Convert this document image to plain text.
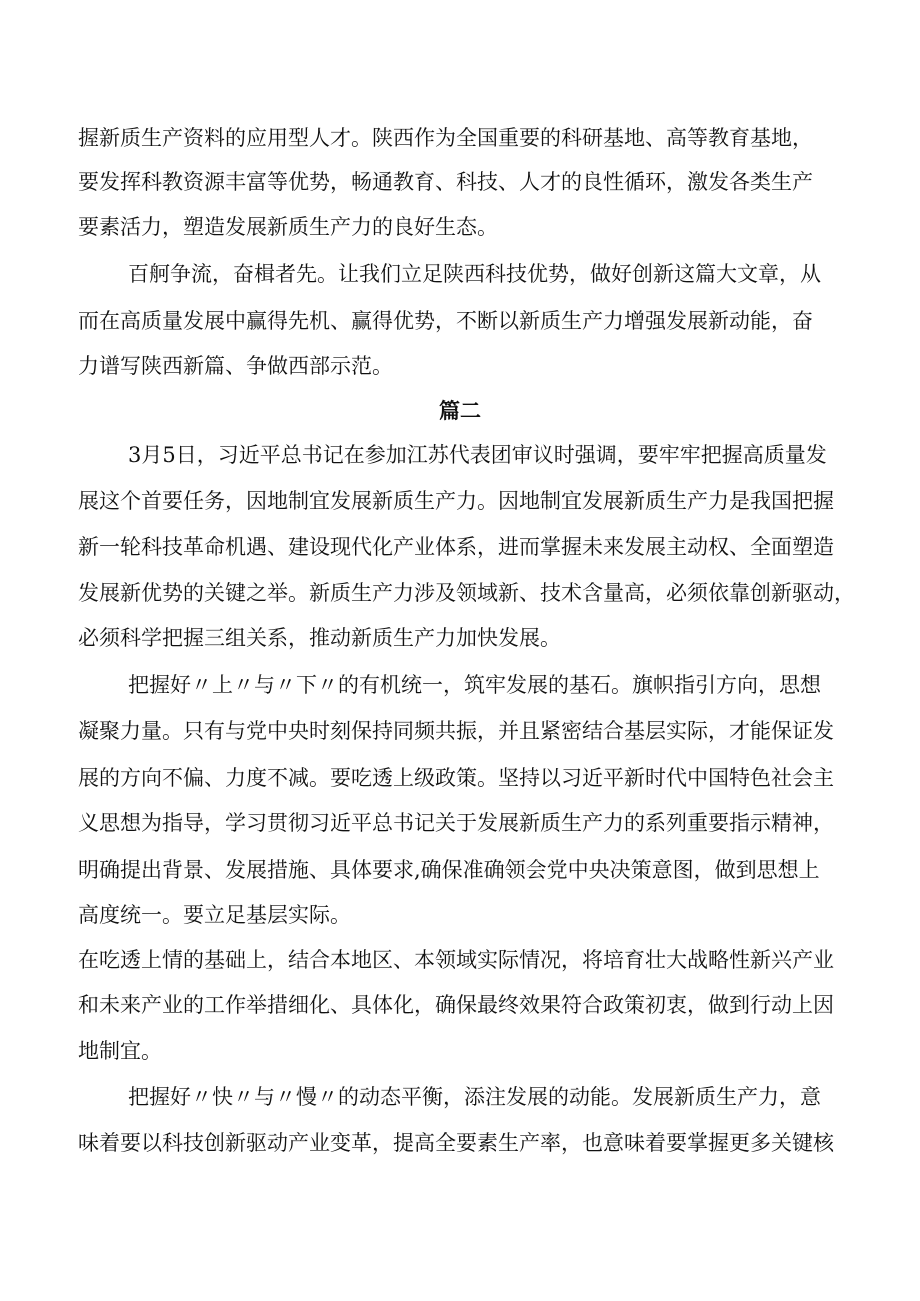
握新质生产资料的应用型人才。陕西作为全国重要的科研基地、高等教育基地，
要发挥科教资源丰富等优势，畅通教育、科技、人才的良性循环，激发各类生产
要素活力，塑造发展新质生产力的良好生态。
百舸争流，奋楫者先。让我们立足陕西科技优势，做好创新这篇大文章，从
而在高质量发展中赢得先机、赢得优势，不断以新质生产力增强发展新动能，奋
力谱写陕西新篇、争做西部示范。
篇二
3月5日，习近平总书记在参加江苏代表团审议时强调，要牢牢把握高质量发
展这个首要任务，因地制宜发展新质生产力。因地制宜发展新质生产力是我国把握
新一轮科技革命机遇、建设现代化产业体系，进而掌握未来发展主动权、全面塑造
发展新优势的关键之举。新质生产力涉及领域新、技术含量高，必须依靠创新驱动，
必须科学把握三组关系，推动新质生产力加快发展。
把握好〃上〃与〃下〃的有机统一，筑牢发展的基石。旗帜指引方向，思想
凝聚力量。只有与党中央时刻保持同频共振，并且紧密结合基层实际，才能保证发
展的方向不偏、力度不减。要吃透上级政策。坚持以习近平新时代中国特色社会主
义思想为指导，学习贯彻习近平总书记关于发展新质生产力的系列重要指示精神，
明确提出背景、发展措施、具体要求,确保准确领会党中央决策意图，做到思想上
高度统一。要立足基层实际。
在吃透上情的基础上，结合本地区、本领域实际情况，将培育壮大战略性新兴产业
和未来产业的工作举措细化、具体化，确保最终效果符合政策初衷，做到行动上因
地制宜。
把握好〃快〃与〃慢〃的动态平衡，添注发展的动能。发展新质生产力，意
味着要以科技创新驱动产业变革，提高全要素生产率，也意味着要掌握更多关键核
